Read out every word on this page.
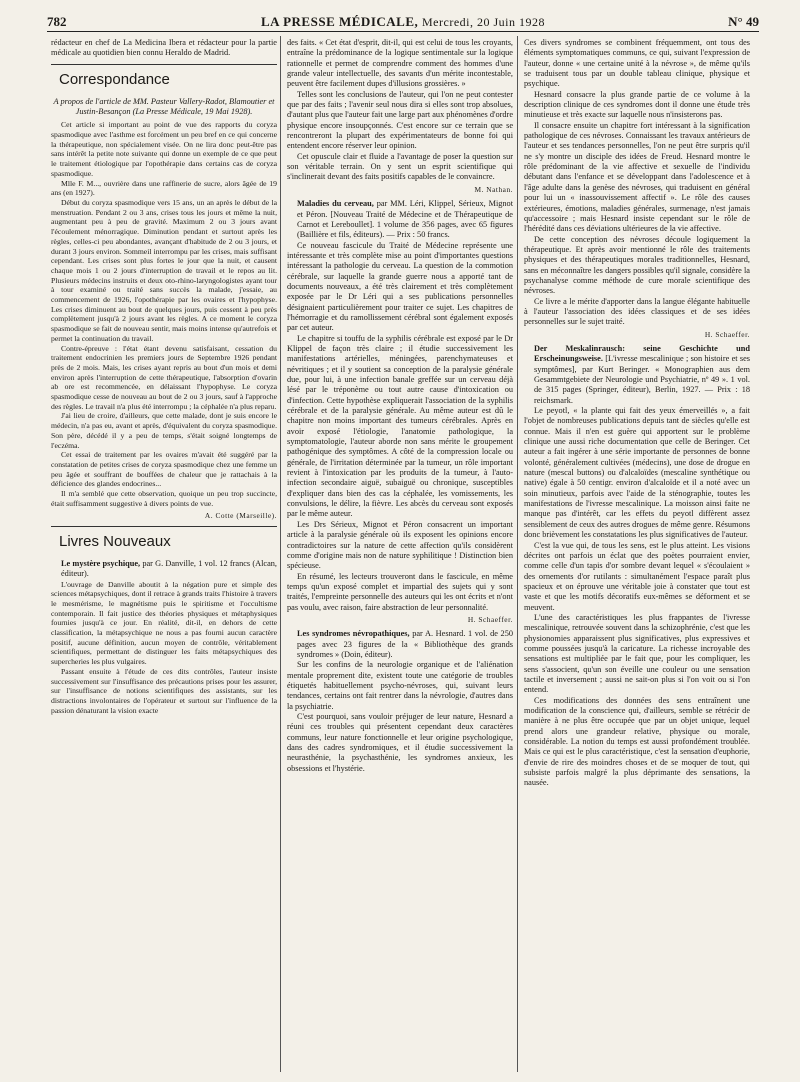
782	LA PRESSE MÉDICALE, Mercredi, 20 Juin 1928	N° 49

rédacteur en chef de La Medicina Ibera et rédacteur pour la partie médicale au quotidien bien connu Heraldo de Madrid.

Correspondance

A propos de l'article de MM. Pasteur Vallery-Radot, Blamoutier et Justin-Besançon (La Presse Médicale, 19 Mai 1928).

Cet article si important au point de vue des rapports du coryza spasmodique avec l'asthme est forcément un peu bref en ce qui concerne la thérapeutique, non spécialement visée. On ne lira donc peut-être pas sans intérêt la petite note suivante qui donne un exemple de ce que peut le traitement étiologique par l'opothérapie dans certains cas de coryza spasmodique.

Mlle F. M..., ouvrière dans une raffinerie de sucre, alors âgée de 19 ans (en 1927).

Début du coryza spasmodique vers 15 ans, un an après le début de la menstruation. Pendant 2 ou 3 ans, crises tous les jours et même la nuit, augmentant peu à peu de gravité. Maximum 2 ou 3 jours avant l'écoulement ménorragique. Diminution pendant et surtout après les règles, celles-ci peu abondantes, avançant d'habitude de 2 ou 3 jours, et durant 3 jours environ. Sommeil interrompu par les crises, mais suffisant cependant. Les crises sont plus fortes le jour que la nuit, et causent chaque mois 1 ou 2 jours d'interruption de travail et le repos au lit. Plusieurs médecins instruits et deux oto-rhino-laryngologistes ayant tour à tour examiné ou traité sans succès la malade, j'essaie, au commencement de 1926, l'opothérapie par les ovaires et l'hypophyse. Les crises diminuent au bout de quelques jours, puis cessent à peu près complètement jusqu'à 2 jours avant les règles. A ce moment le coryza spasmodique se fait de nouveau sentir, mais moins intense qu'autrefois et permet la continuation du travail.

Contre-épreuve : l'état étant devenu satisfaisant, cessation du traitement endocrinien les premiers jours de Septembre 1926 pendant près de 2 mois. Mais, les crises ayant repris au bout d'un mois et demi environ après l'interruption de cette thérapeutique, l'absorption d'ovarin ab ore est recommencée, en délaissant l'hypophyse. Le coryza spasmodique cesse de nouveau au bout de 2 ou 3 jours, sauf à l'approche des règles. Le travail n'a plus été interrompu ; la céphalée n'a plus reparu.

J'ai lieu de croire, d'ailleurs, que cette malade, dont je suis encore le médecin, n'a pas eu, avant et après, d'équivalent du coryza spasmodique. Son père, décédé il y a peu de temps, s'était soigné longtemps de l'eczéma.

Cet essai de traitement par les ovaires m'avait été suggéré par la constatation de petites crises de coryza spasmodique chez une femme un peu âgée et souffrant de bouffées de chaleur que je rattachais à la déficience des glandes endocrines...

Il m'a semblé que cette observation, quoique un peu trop succincte, était suffisamment suggestive à divers points de vue.

A. Cotte (Marseille).
Livres Nouveaux

Le mystère psychique, par G. Danville, 1 vol. 12 francs (Alcan, éditeur).

L'ouvrage de Danville aboutit à la négation pure et simple des sciences métapsychiques, dont il retrace à grands traits l'histoire à travers le mesmérisme, le magnétisme puis le spiritisme et l'occultisme contemporain. Il fait justice des théories physiques et métaphysiques fournies jusqu'à ce jour. En réalité, dit-il, en dehors de cette classification, la métapsychique ne nous a pas fourni aucun caractère positif, aucune définition, aucun moyen de contrôle, véritablement scientifiques, permettant de distinguer les faits métapsychiques des supercheries les plus vulgaires.

Passant ensuite à l'étude de ces dits contrôles, l'auteur insiste successivement sur l'insuffisance des précautions prises pour les assurer, sur l'insuffisance de notions scientifiques des assistants, sur les distractions involontaires de l'opérateur et surtout sur l'influence de la passion dénaturant la vision exacte

des faits. « Cet état d'esprit, dit-il, qui est celui de tous les croyants, entraîne la prédominance de la logique sentimentale sur la logique rationnelle et permet de comprendre comment des hommes d'une grande valeur intellectuelle, des savants d'un mérite incontestable, peuvent être facilement dupes d'illusions grossières. »

Telles sont les conclusions de l'auteur, qui l'on ne peut contester que par des faits ; l'avenir seul nous dira si elles sont trop absolues, d'autant plus que l'auteur fait une large part aux phénomènes d'ordre physique encore insoupçonnés. C'est encore sur ce terrain que se rencontreront la plupart des expérimentateurs de bonne foi qui entendent encore réserver leur opinion.

Cet opuscule clair et fluide a l'avantage de poser la question sur son véritable terrain. On y sent un esprit scientifique qui s'inclinerait devant des faits positifs capables de le convaincre.

M. Nathan.

Maladies du cerveau, par MM. Léri, Klippel, Sérieux, Mignot et Péron. [Nouveau Traité de Médecine et de Thérapeutique de Carnot et Lereboullet]. 1 volume de 356 pages, avec 65 figures (Baillière et fils, éditeurs). — Prix : 50 francs.

Ce nouveau fascicule du Traité de Médecine représente une intéressante et très complète mise au point d'importantes questions intéressant la pathologie du cerveau. La question de la commotion cérébrale, sur laquelle la grande guerre nous a apporté tant de documents nouveaux, a été très clairement et très complètement exposée par le Dr Léri qui a ses publications personnelles désignaient particulièrement pour traiter ce sujet. Les chapitres de l'hémorragie et du ramollissement cérébral sont également exposés par cet auteur.

Le chapitre si touffu de la syphilis cérébrale est exposé par le Dr Klippel de façon très claire ; il étudie successivement les manifestations artérielles, méningées, parenchymateuses et névritiques ; et il y soutient sa conception de la paralysie générale due, pour lui, à une infection banale greffée sur un cerveau déjà lésé par le tréponème ou tout autre cause d'intoxication ou d'infection. Cette hypothèse expliquerait l'association de la syphilis cérébrale et de la paralysie générale. Au même auteur est dû le chapitre non moins important des tumeurs cérébrales. Après en avoir exposé l'étiologie, l'anatomie pathologique, la symptomatologie, l'auteur aborde non sans mérite le groupement pathogénique des symptômes. A côté de la compression locale ou générale, de l'irritation déterminée par la tumeur, un rôle important revient à l'intoxication par les produits de la tumeur, à l'auto-infection secondaire aiguë, subaiguë ou chronique, susceptibles d'expliquer dans bien des cas la céphalée, les vomissements, les convulsions, le délire, la fièvre. Les abcès du cerveau sont exposés par le même auteur.

Les Drs Sérieux, Mignot et Péron consacrent un important article à la paralysie générale où ils exposent les opinions encore contradictoires sur la nature de cette affection qu'ils considèrent comme d'origine mais non de nature syphilitique ! Distinction bien spécieuse.

En résumé, les lecteurs trouveront dans le fascicule, en même temps qu'un exposé complet et impartial des sujets qui y sont traités, l'empreinte personnelle des auteurs qui les ont écrits et n'ont pas voulu, avec raison, faire abstraction de leur personnalité.

H. Schaeffer.

Les syndromes névropathiques, par A. Hesnard. 1 vol. de 250 pages avec 23 figures de la « Bibliothèque des grands syndromes » (Doin, éditeur).

Sur les confins de la neurologie organique et de l'aliénation mentale proprement dite, existent toute une catégorie de troubles étiquetés habituellement psycho-névroses, qui, suivant leurs tendances, certains ont fait rentrer dans la névrologie, d'autres dans la psychiatrie.

C'est pourquoi, sans vouloir préjuger de leur nature, Hesnard a réuni ces troubles qui présentent cependant deux caractères communs, leur nature fonctionnelle et leur origine psychologique, dans des cadres syndromiques, et il étudie successivement la neurasthénie, la psychasthénie, les syndromes anxieux, les obsessions et l'hystérie.

Ces divers syndromes se combinent fréquemment, ont tous des éléments symptomatiques communs, ce qui, suivant l'expression de l'auteur, donne « une certaine unité à la névrose », de même qu'ils se traduisent tous par un double tableau clinique, physique et psychique.

Hesnard consacre la plus grande partie de ce volume à la description clinique de ces syndromes dont il donne une étude très minutieuse et très exacte sur laquelle nous n'insisterons pas.

Il consacre ensuite un chapitre fort intéressant à la signification pathologique de ces névroses. Connaissant les travaux antérieurs de l'auteur et ses tendances personnelles, l'on ne peut être surpris qu'il ne s'y montre un disciple des idées de Freud. Hesnard montre le rôle prédominant de la vie affective et sexuelle de l'individu débutant dans l'enfance et se développant dans l'adolescence et à l'âge adulte dans la genèse des névroses, qui traduisent en général pour lui un « inassouvissement affectif ». Le rôle des causes extérieures, émotions, maladies générales, surmenage, n'est jamais qu'accessoire ; mais Hesnard insiste cependant sur le rôle de l'hérédité dans ces déviations ultérieures de la vie affective.

De cette conception des névroses découle logiquement la thérapeutique. Et après avoir mentionné le rôle des traitements physiques et des thérapeutiques morales traditionnelles, Hesnard, sans en méconnaître les dangers possibles qu'il signale, considère la psychanalyse comme méthode de cure morale scientifique des névroses.

Ce livre a le mérite d'apporter dans la langue élégante habituelle à l'auteur l'association des idées classiques et de ses idées personnelles sur le sujet traité.

H. Schaeffer.

Der Meskalinrausch: seine Geschichte und Erscheinungsweise. [L'ivresse mescalinique ; son histoire et ses symptômes], par Kurt Beringer. « Monographien aus dem Gesammtgebiete der Neurologie und Psychiatrie, nº 49 ». 1 vol. de 315 pages (Springer, éditeur), Berlin, 1927. — Prix : 18 reichsmark.

Le peyotl, « la plante qui fait des yeux émerveillés », a fait l'objet de nombreuses publications depuis tant de siècles qu'elle est connue. Mais il n'en est guère qui apportent sur le problème clinique une aussi riche documentation que celle de Beringer. Cet auteur a fait ingérer à une série importante de personnes de bonne volonté, généralement cultivées (médecins), une dose de drogue en nature (mescal buttons) ou d'alcaloïdes (mescaline synthétique ou native) égale à 50 centigr. environ d'alcaloïde et il a noté avec un soin minutieux, parfois avec l'aide de la sténographie, toutes les manifestations de l'ivresse mescalinique. La moisson ainsi faite ne manque pas d'intérêt, car les effets du peyotl diffèrent assez sensiblement de ceux des autres drogues de même genre. Résumons donc brièvement les constatations les plus significatives de l'auteur.

C'est la vue qui, de tous les sens, est le plus atteint. Les visions décrites ont parfois un éclat que des poètes pourraient envier, comme celle d'un tapis d'or sombre devant lequel « s'écoulaient » des ornements d'or rutilants : simultanément l'espace paraît plus spacieux et on éprouve une véritable joie à constater que tout est vaste et que les motifs décoratifs eux-mêmes se déforment et se meuvent.

L'une des caractéristiques les plus frappantes de l'ivresse mescalinique, retrouvée souvent dans la schizophrénie, c'est que les physionomies apparaissent plus significatives, plus expressives et comme poussées jusqu'à la caricature. La richesse incroyable des sensations est multipliée par le fait que, pour les compliquer, les sens s'associent, qu'un son éveille une couleur ou une sensation tactile et inversement ; aussi ne sait-on plus si l'on voit ou si l'on entend.

Ces modifications des données des sens entraînent une modification de la conscience qui, d'ailleurs, semble se rétrécir de manière à ne plus être occupée que par un objet unique, lequel prend alors une grandeur relative, physique ou morale, considérable. La notion du temps est aussi profondément troublée. Mais ce qui est le plus caractéristique, c'est la sensation d'euphorie, d'envie de rire des moindres choses et de se moquer de tout, qui subsiste parfois malgré la plus déprimante des sensations, la nausée.
